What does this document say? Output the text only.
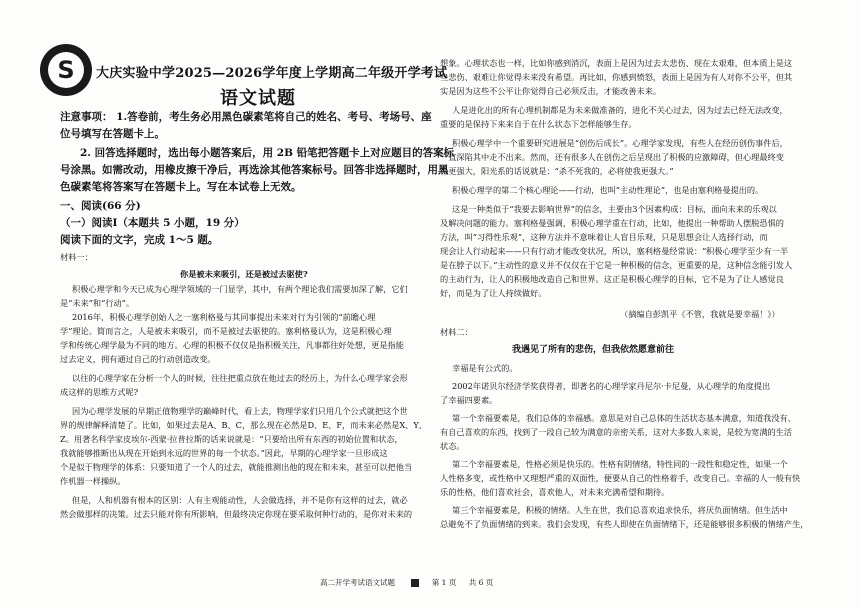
S	大庆实验中学2025—2026学年度上学期高二年级开学考试
语文试题
注意事项： 1.答卷前，考生务必用黑色碳素笔将自己的姓名、考号、考场号、座
位号填写在答题卡上。
2. 回答选择题时，选出每小题答案后，用 2B 铅笔把答题卡上对应题目的答案标
号涂黑。如需改动，用橡皮擦干净后，再选涂其他答案标号。回答非选择题时，用黑
色碳素笔将答案写在答题卡上。写在本试卷上无效。
一、阅读(66 分)
（一）阅读Ⅰ（本题共 5 小题，19 分）
阅读下面的文字，完成 1～5 题。
材料一：
你是被未来吸引，还是被过去驱使?
积极心理学和今天已成为心理学领域的一门显学，其中，有两个理论我们需要加深了解，它们
是“未来”和“行动”。
2016年，积极心理学创始人之一塞利格曼与其同事提出未来对行为引领的“前瞻心理
学”理论。简而言之，人是被未来吸引，而不是被过去驱使的。塞利格曼认为，这是积极心理
学和传统心理学最为不同的地方。心理的积极不仅仅是指积极关注，凡事都往好处想，更是指能
过去定义，拥有通过自己的行动创造改变。
以往的心理学家在分析一个人的时候，往往把重点放在他过去的经历上，为什么心理学家会形
成这样的思维方式呢?
因为心理学发展的早期正值物理学的巅峰时代，看上去，物理学家们只用几个公式就把这个世
界的规律解释清楚了。比如，如果过去是A、B、C，那么现在必然是D、E、F，而未来必然是X、Y、
Z。用著名科学家皮埃尔-西蒙·拉普拉斯的话来说就是：“只要给出所有东西的初始位置和状态，
我就能够推断出从现在开始到永远的世界的每一个状态。”因此，早期的心理学家一旦形成这
个是似于物理学的体系：只要知道了一个人的过去，就能推测出他的现在和未来，甚至可以把他当
作机器一样操纵。
但是，人和机器有根本的区别：人有主观能动性，人会做选择，并不是你有这样的过去，就必
然会做那样的决策。过去只能对你有所影响，但最终决定你现在要采取何种行动的，是你对未来的
想象。心理状态也一样，比如你感到消沉，表面上是因为过去太悲伤、现在太艰难，但本质上是这
些悲伤、艰难让你觉得未来没有希望。再比如，你感到愤怒，表面上是因为有人对你不公平，但其
实是因为这些不公平让你觉得自己必须反击，才能改善未来。
人是进化出的所有心理机制都是为未来做准备的，进化不关心过去，因为过去已经无法改变，
重要的是保持下来来自于在什么状态下怎样能够生存。
积极心理学中一个重要研究进展是“创伤后成长”。心理学家发现，有些人在经历创伤事件后，
一直深陷其中走不出来。然而，还有很多人在创伤之后呈现出了积极的应激障碍，但心理最终变
得更强大，阳光系的话说就是：“杀不死我的，必将使我更强大。”
积极心理学的第二个核心理论——行动，也叫“主动性理论”，也是由塞利格曼提出的。
这是一种类似于“我要去影响世界”的信念，主要由3个因素构成：目标，面向未来的乐观以
及解决问题的能力。塞利格曼强调，积极心理学重在行动，比如，他提出一种帮助人摆脱恐惧的
方法，叫“习得性乐观”，这种方法并不意味着让人盲目乐观，只是思想会让人选择行动，而
现会让人行动起来——只有行动才能改变状况，所以，塞利格曼经常说：“积极心理学至少有一半
是在脖子以下。”主动性的意义并不仅仅在于它是一种积极的信念，更重要的是，这种信念能引发人
的主动行为，让人的积极地改造自己和世界。这正是积极心理学的目标，它不是为了让人感觉良
好，而是为了让人持续做好。
（摘编自彭凯平《不管，我就是要幸福！》）
材料二：
我遇见了所有的悲伤，但我依然愿意前往
幸福是有公式的。
2002年诺贝尔经济学奖获得者，即著名的心理学家丹尼尔·卡尼曼，从心理学的角度提出
了幸福四要素。
第一个幸福要素是，我们总体的幸福感。意思是对自己总体的生活状态基本满意，知道我没有、
有自己喜欢的东西，找到了一段自己较为满意的亲密关系，这对大多数人来说，是较为宽满的生活
状态。
第二个幸福要素是，性格必须是快乐的。性格有阴情绪，特性同的一段性和稳定性，如果一个
人性格多变，或性格中又理想严重的双面性，便要从自己的性格着手，改变自己。幸福的人一般有快
乐的性格，他们喜欢社会，喜欢他人，对未来充满希望和期待。
第三个幸福要素是，积极的情绪。人生在世，我们总喜欢追求快乐，将厌负面情绪。但生活中
总避免不了负面情绪的到来。我们会发现，有些人即使在负面情绪下，还是能够很多积极的情绪产生，
高二开学考试语文试题	第 1 页 共 6 页
